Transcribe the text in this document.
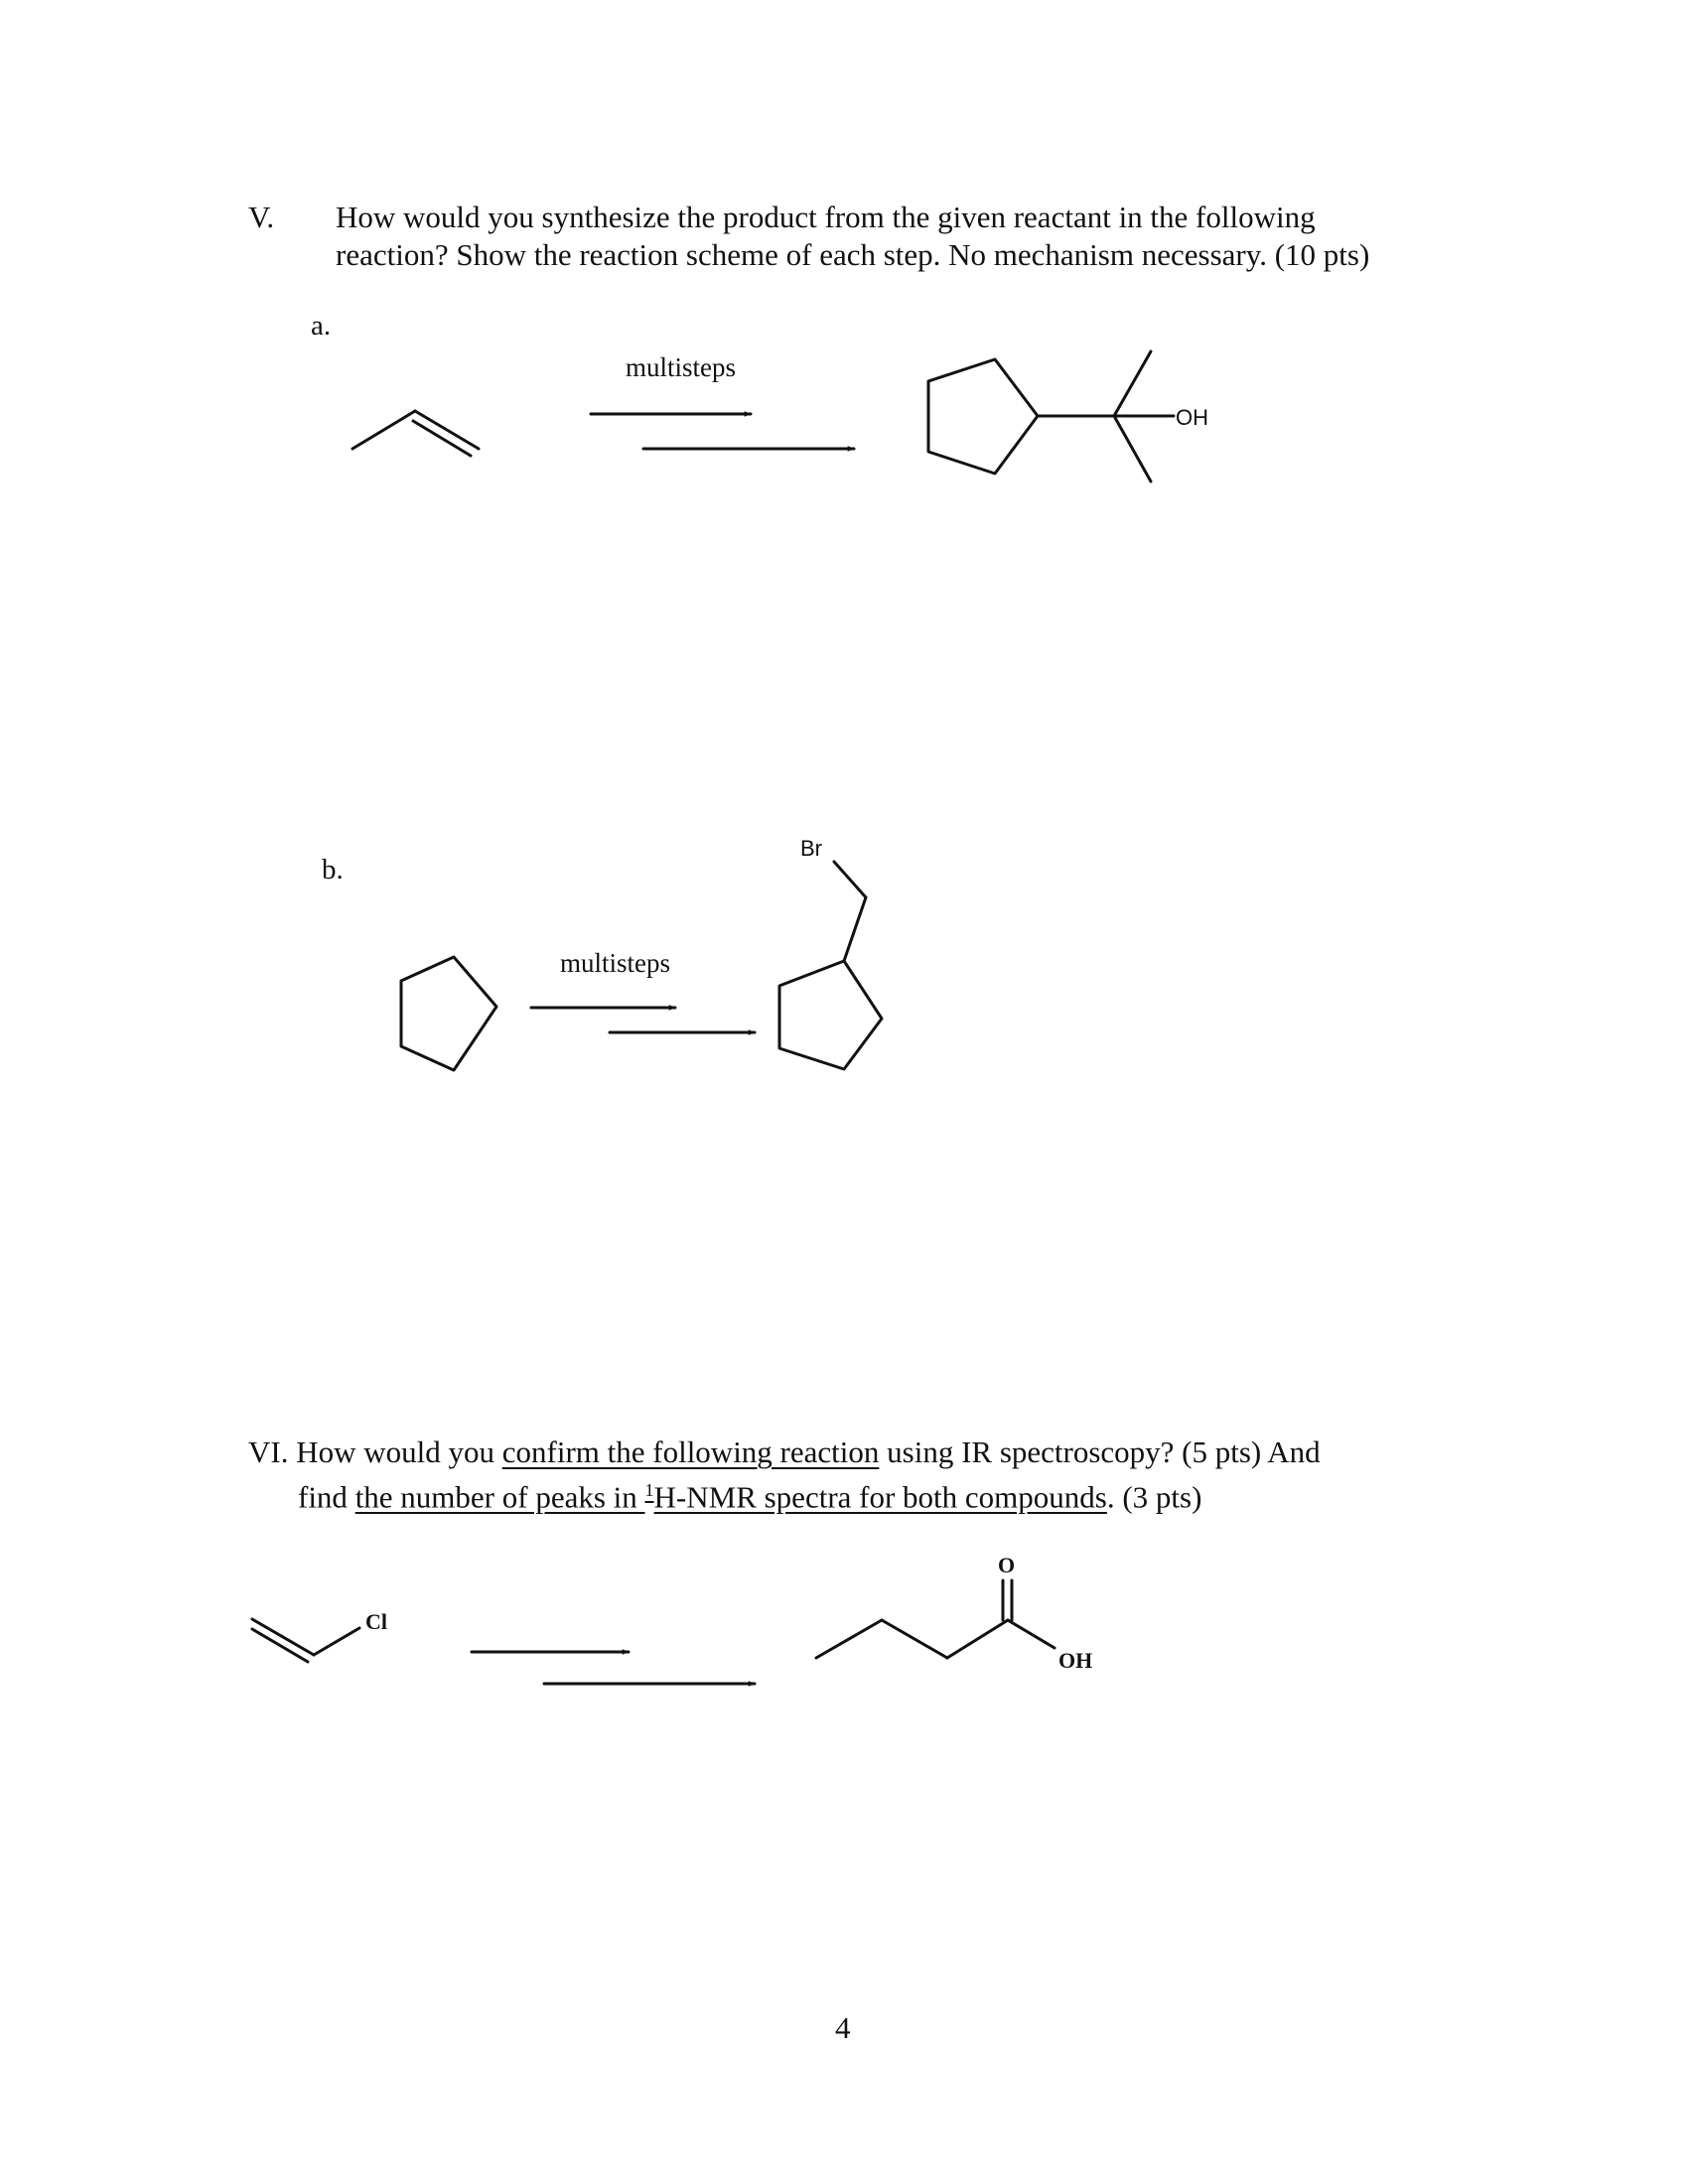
V. How would you synthesize the product from the given reactant in the following
reaction? Show the reaction scheme of each step. No mechanism necessary. (10 pts)
a.
multisteps
b.
multisteps
VI. How would you confirm the following reaction using IR spectroscopy? (5 pts) And
find the number of peaks in $^1$H-NMR spectra for both compounds. (3 pts)
4
OH
Br
Cl
O
OH
